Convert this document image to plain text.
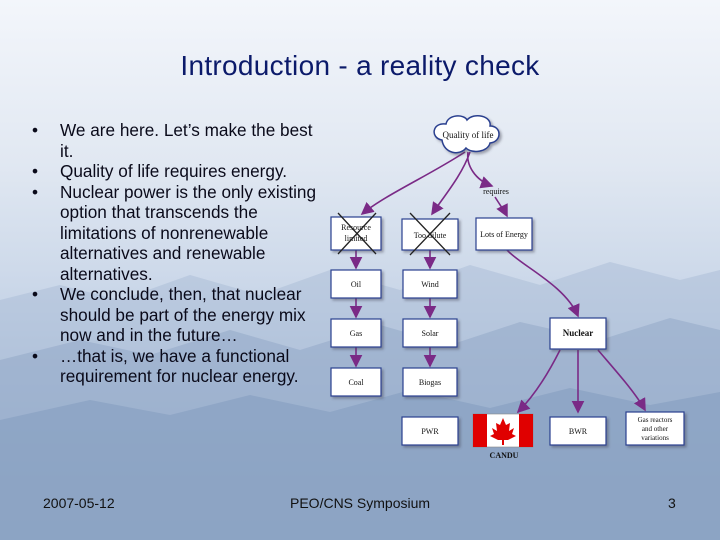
Introduction - a reality check

• We are here. Let’s make the best it.

• Quality of life requires energy.

• Nuclear power is the only existing option that transcends the limitations of nonrenewable alternatives and renewable alternatives.

• We conclude, then, that nuclear should be part of the energy mix now and in the future…

• …that is, we have a functional requirement for nuclear energy.

Quality of life
requires
Resource
limited	Too dilute	Lots of Energy
Oil
Gas
Coal
Wind
Solar
Biogas
Nuclear
PWR
CANDU
BWR
Gas reactors
and other
variations
2007-05-12	PEO/CNS Symposium	3
